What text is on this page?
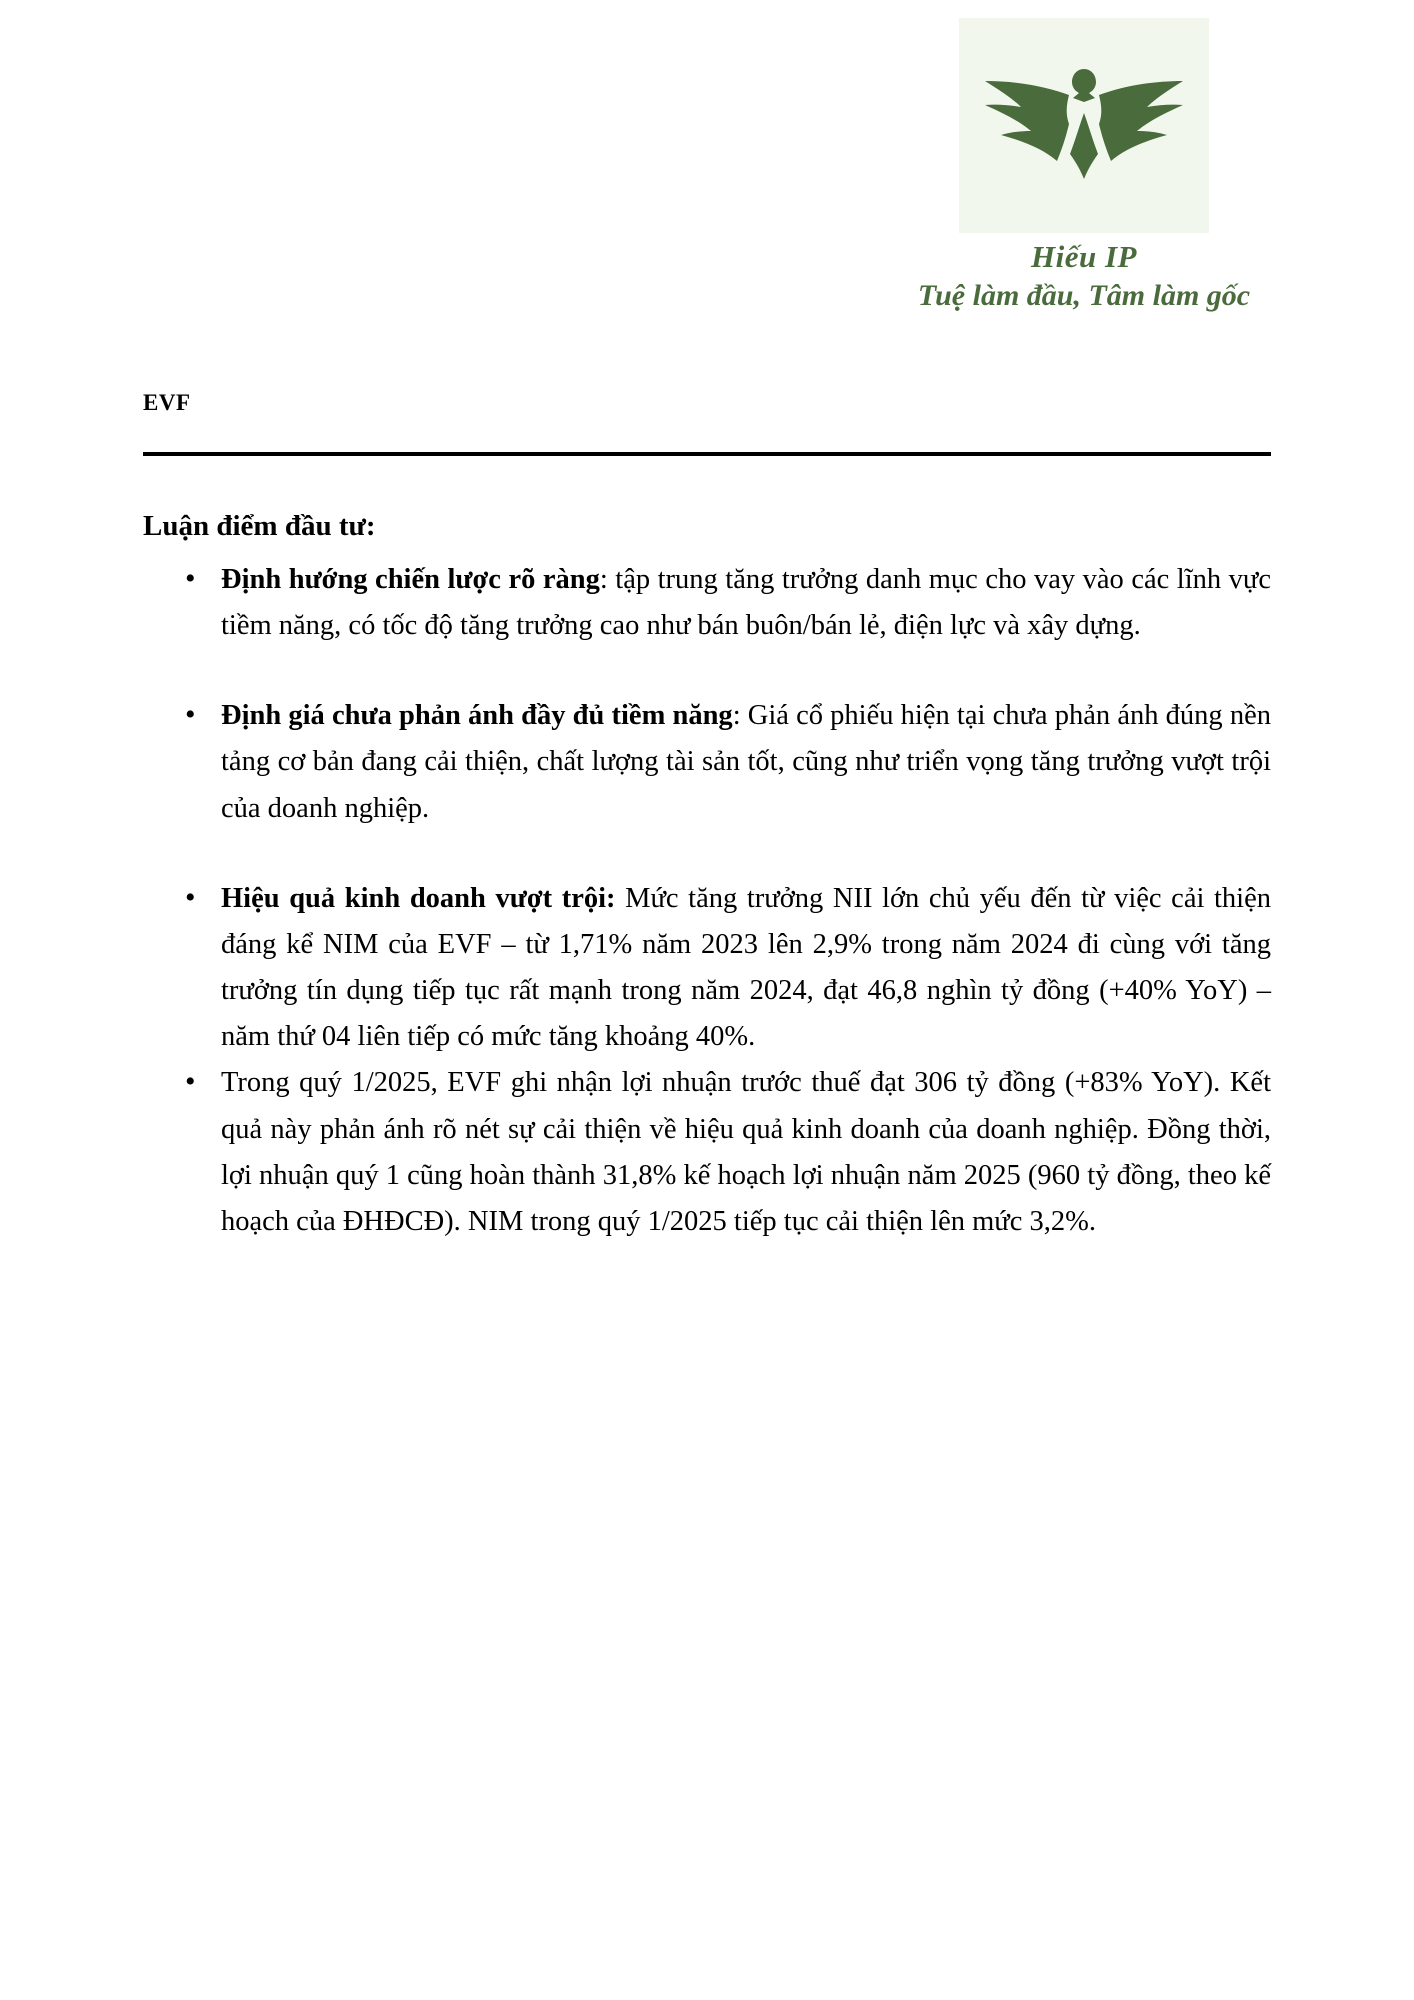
Hiếu IP
Tuệ làm đầu, Tâm làm gốc
EVF
Luận điểm đầu tư:
• Định hướng chiến lược rõ ràng: tập trung tăng trưởng danh mục cho vay vào các lĩnh vực tiềm năng, có tốc độ tăng trưởng cao như bán buôn/bán lẻ, điện lực và xây dựng.
• Định giá chưa phản ánh đầy đủ tiềm năng: Giá cổ phiếu hiện tại chưa phản ánh đúng nền tảng cơ bản đang cải thiện, chất lượng tài sản tốt, cũng như triển vọng tăng trưởng vượt trội của doanh nghiệp.
• Hiệu quả kinh doanh vượt trội: Mức tăng trưởng NII lớn chủ yếu đến từ việc cải thiện đáng kể NIM của EVF – từ 1,71% năm 2023 lên 2,9% trong năm 2024 đi cùng với tăng trưởng tín dụng tiếp tục rất mạnh trong năm 2024, đạt 46,8 nghìn tỷ đồng (+40% YoY) – năm thứ 04 liên tiếp có mức tăng khoảng 40%.
• Trong quý 1/2025, EVF ghi nhận lợi nhuận trước thuế đạt 306 tỷ đồng (+83% YoY). Kết quả này phản ánh rõ nét sự cải thiện về hiệu quả kinh doanh của doanh nghiệp. Đồng thời, lợi nhuận quý 1 cũng hoàn thành 31,8% kế hoạch lợi nhuận năm 2025 (960 tỷ đồng, theo kế hoạch của ĐHĐCĐ). NIM trong quý 1/2025 tiếp tục cải thiện lên mức 3,2%.
